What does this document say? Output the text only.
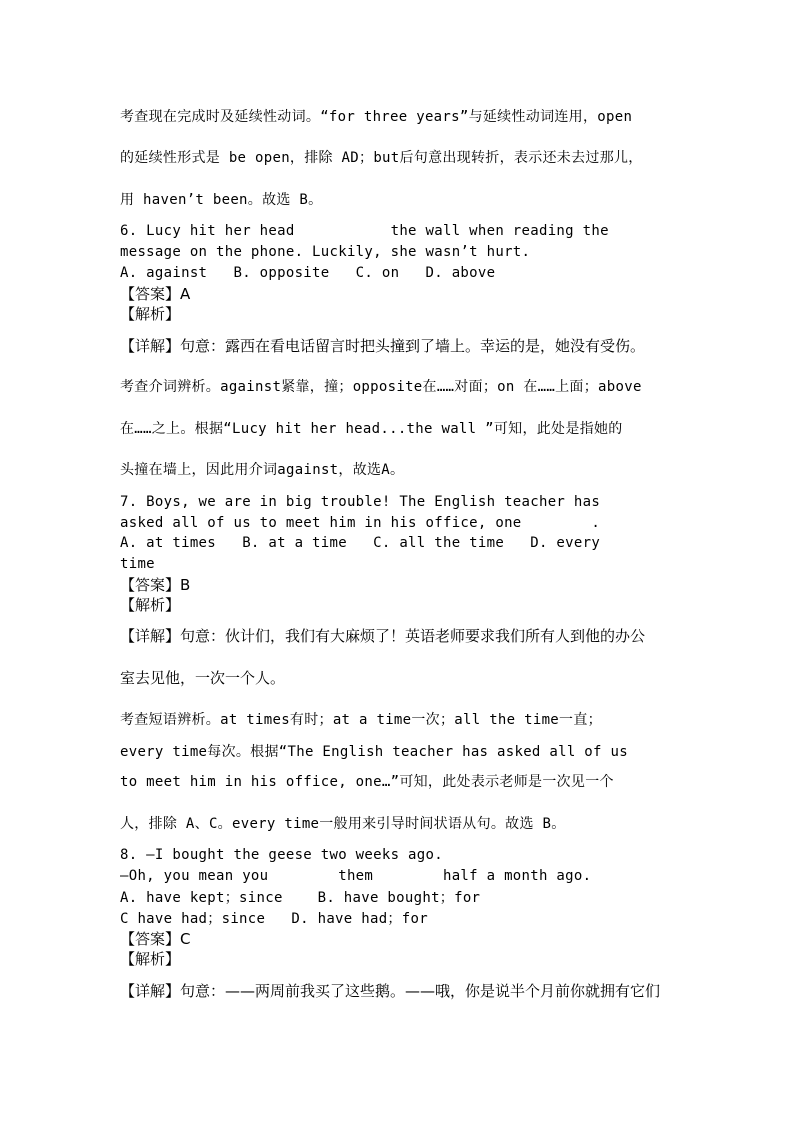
考查现在完成时及延续性动词。“for three years”与延续性动词连用，open
的延续性形式是 be open，排除 AD；but后句意出现转折，表示还未去过那儿，
用 haven’t been。故选 B。
6. Lucy hit her head           the wall when reading the
message on the phone. Luckily, she wasn’t hurt.
A. against   B. opposite   C. on   D. above
【答案】A
【解析】
【详解】句意：露西在看电话留言时把头撞到了墙上。幸运的是，她没有受伤。
考查介词辨析。against紧靠，撞；opposite在……对面；on 在……上面；above
在……之上。根据“Lucy hit her head...the wall ”可知，此处是指她的
头撞在墙上，因此用介词against，故选A。
7. Boys, we are in big trouble! The English teacher has
asked all of us to meet him in his office, one        .
A. at times   B. at a time   C. all the time   D. every
time
【答案】B
【解析】
【详解】句意：伙计们，我们有大麻烦了！英语老师要求我们所有人到他的办公
室去见他，一次一个人。
考查短语辨析。at times有时；at a time一次；all the time一直；
every time每次。根据“The English teacher has asked all of us
to meet him in his office, one…”可知，此处表示老师是一次见一个
人，排除 A、C。every time一般用来引导时间状语从句。故选 B。
8. —I bought the geese two weeks ago.
—Oh, you mean you        them        half a month ago.
A. have kept；since    B. have bought；for
C have had；since   D. have had；for
【答案】C
【解析】
【详解】句意：——两周前我买了这些鹅。——哦，你是说半个月前你就拥有它们
